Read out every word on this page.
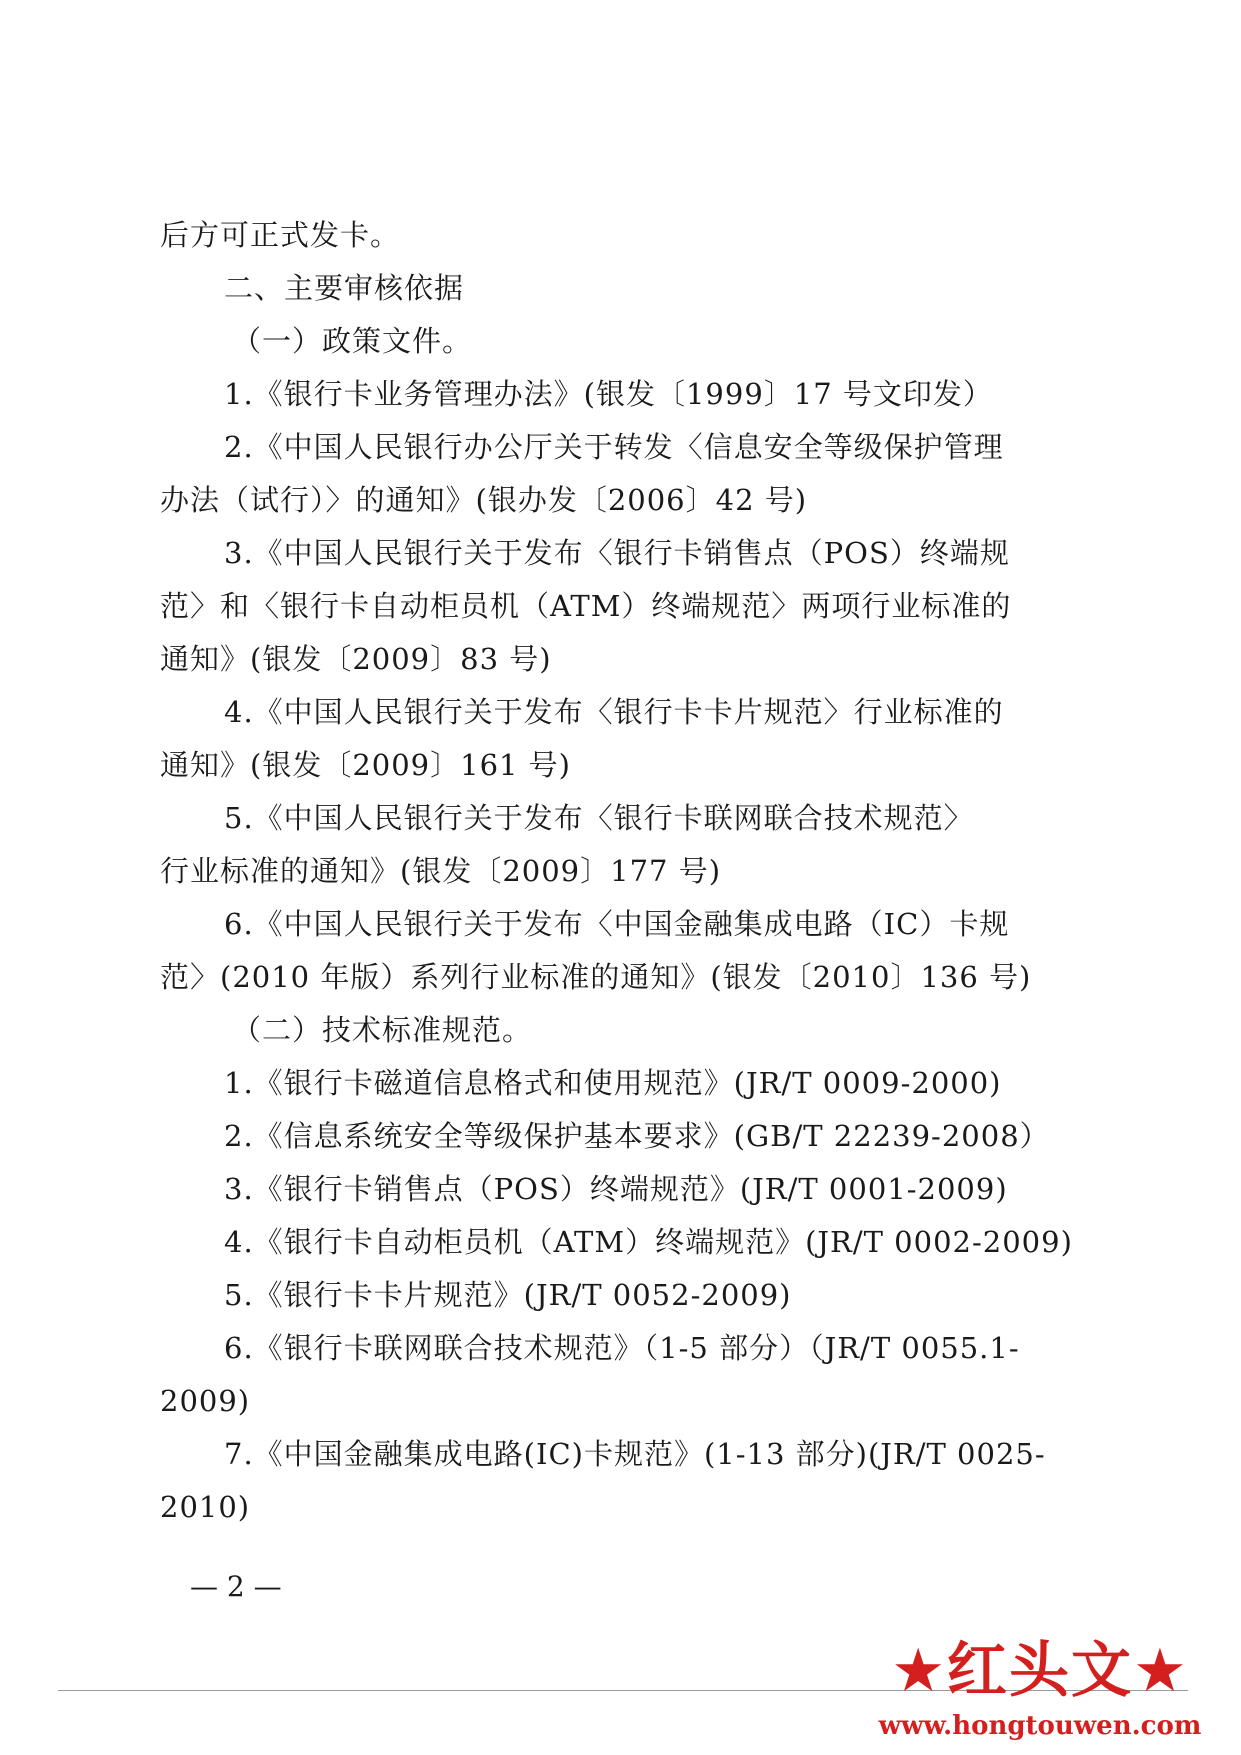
后方可正式发卡。
二、主要审核依据
（一）政策文件。
1.《银行卡业务管理办法》(银发〔1999〕17 号文印发）
2.《中国人民银行办公厅关于转发〈信息安全等级保护管理
办法（试行）〉的通知》(银办发〔2006〕42 号)
3.《中国人民银行关于发布〈银行卡销售点（POS）终端规
范〉和〈银行卡自动柜员机（ATM）终端规范〉两项行业标准的
通知》(银发〔2009〕83 号)
4.《中国人民银行关于发布〈银行卡卡片规范〉行业标准的
通知》(银发〔2009〕161 号)
5.《中国人民银行关于发布〈银行卡联网联合技术规范〉
行业标准的通知》(银发〔2009〕177 号)
6.《中国人民银行关于发布〈中国金融集成电路（IC）卡规
范〉(2010 年版）系列行业标准的通知》(银发〔2010〕136 号)
（二）技术标准规范。
1.《银行卡磁道信息格式和使用规范》(JR/T 0009-2000)
2.《信息系统安全等级保护基本要求》(GB/T 22239-2008）
3.《银行卡销售点（POS）终端规范》(JR/T 0001-2009)
4.《银行卡自动柜员机（ATM）终端规范》(JR/T 0002-2009)
5.《银行卡卡片规范》(JR/T 0052-2009)
6.《银行卡联网联合技术规范》（1-5 部分）（JR/T 0055.1-
2009)
7.《中国金融集成电路(IC)卡规范》(1-13 部分)(JR/T 0025-
2010)
— 2 —
★红头文★
www.hongtouwen.com
